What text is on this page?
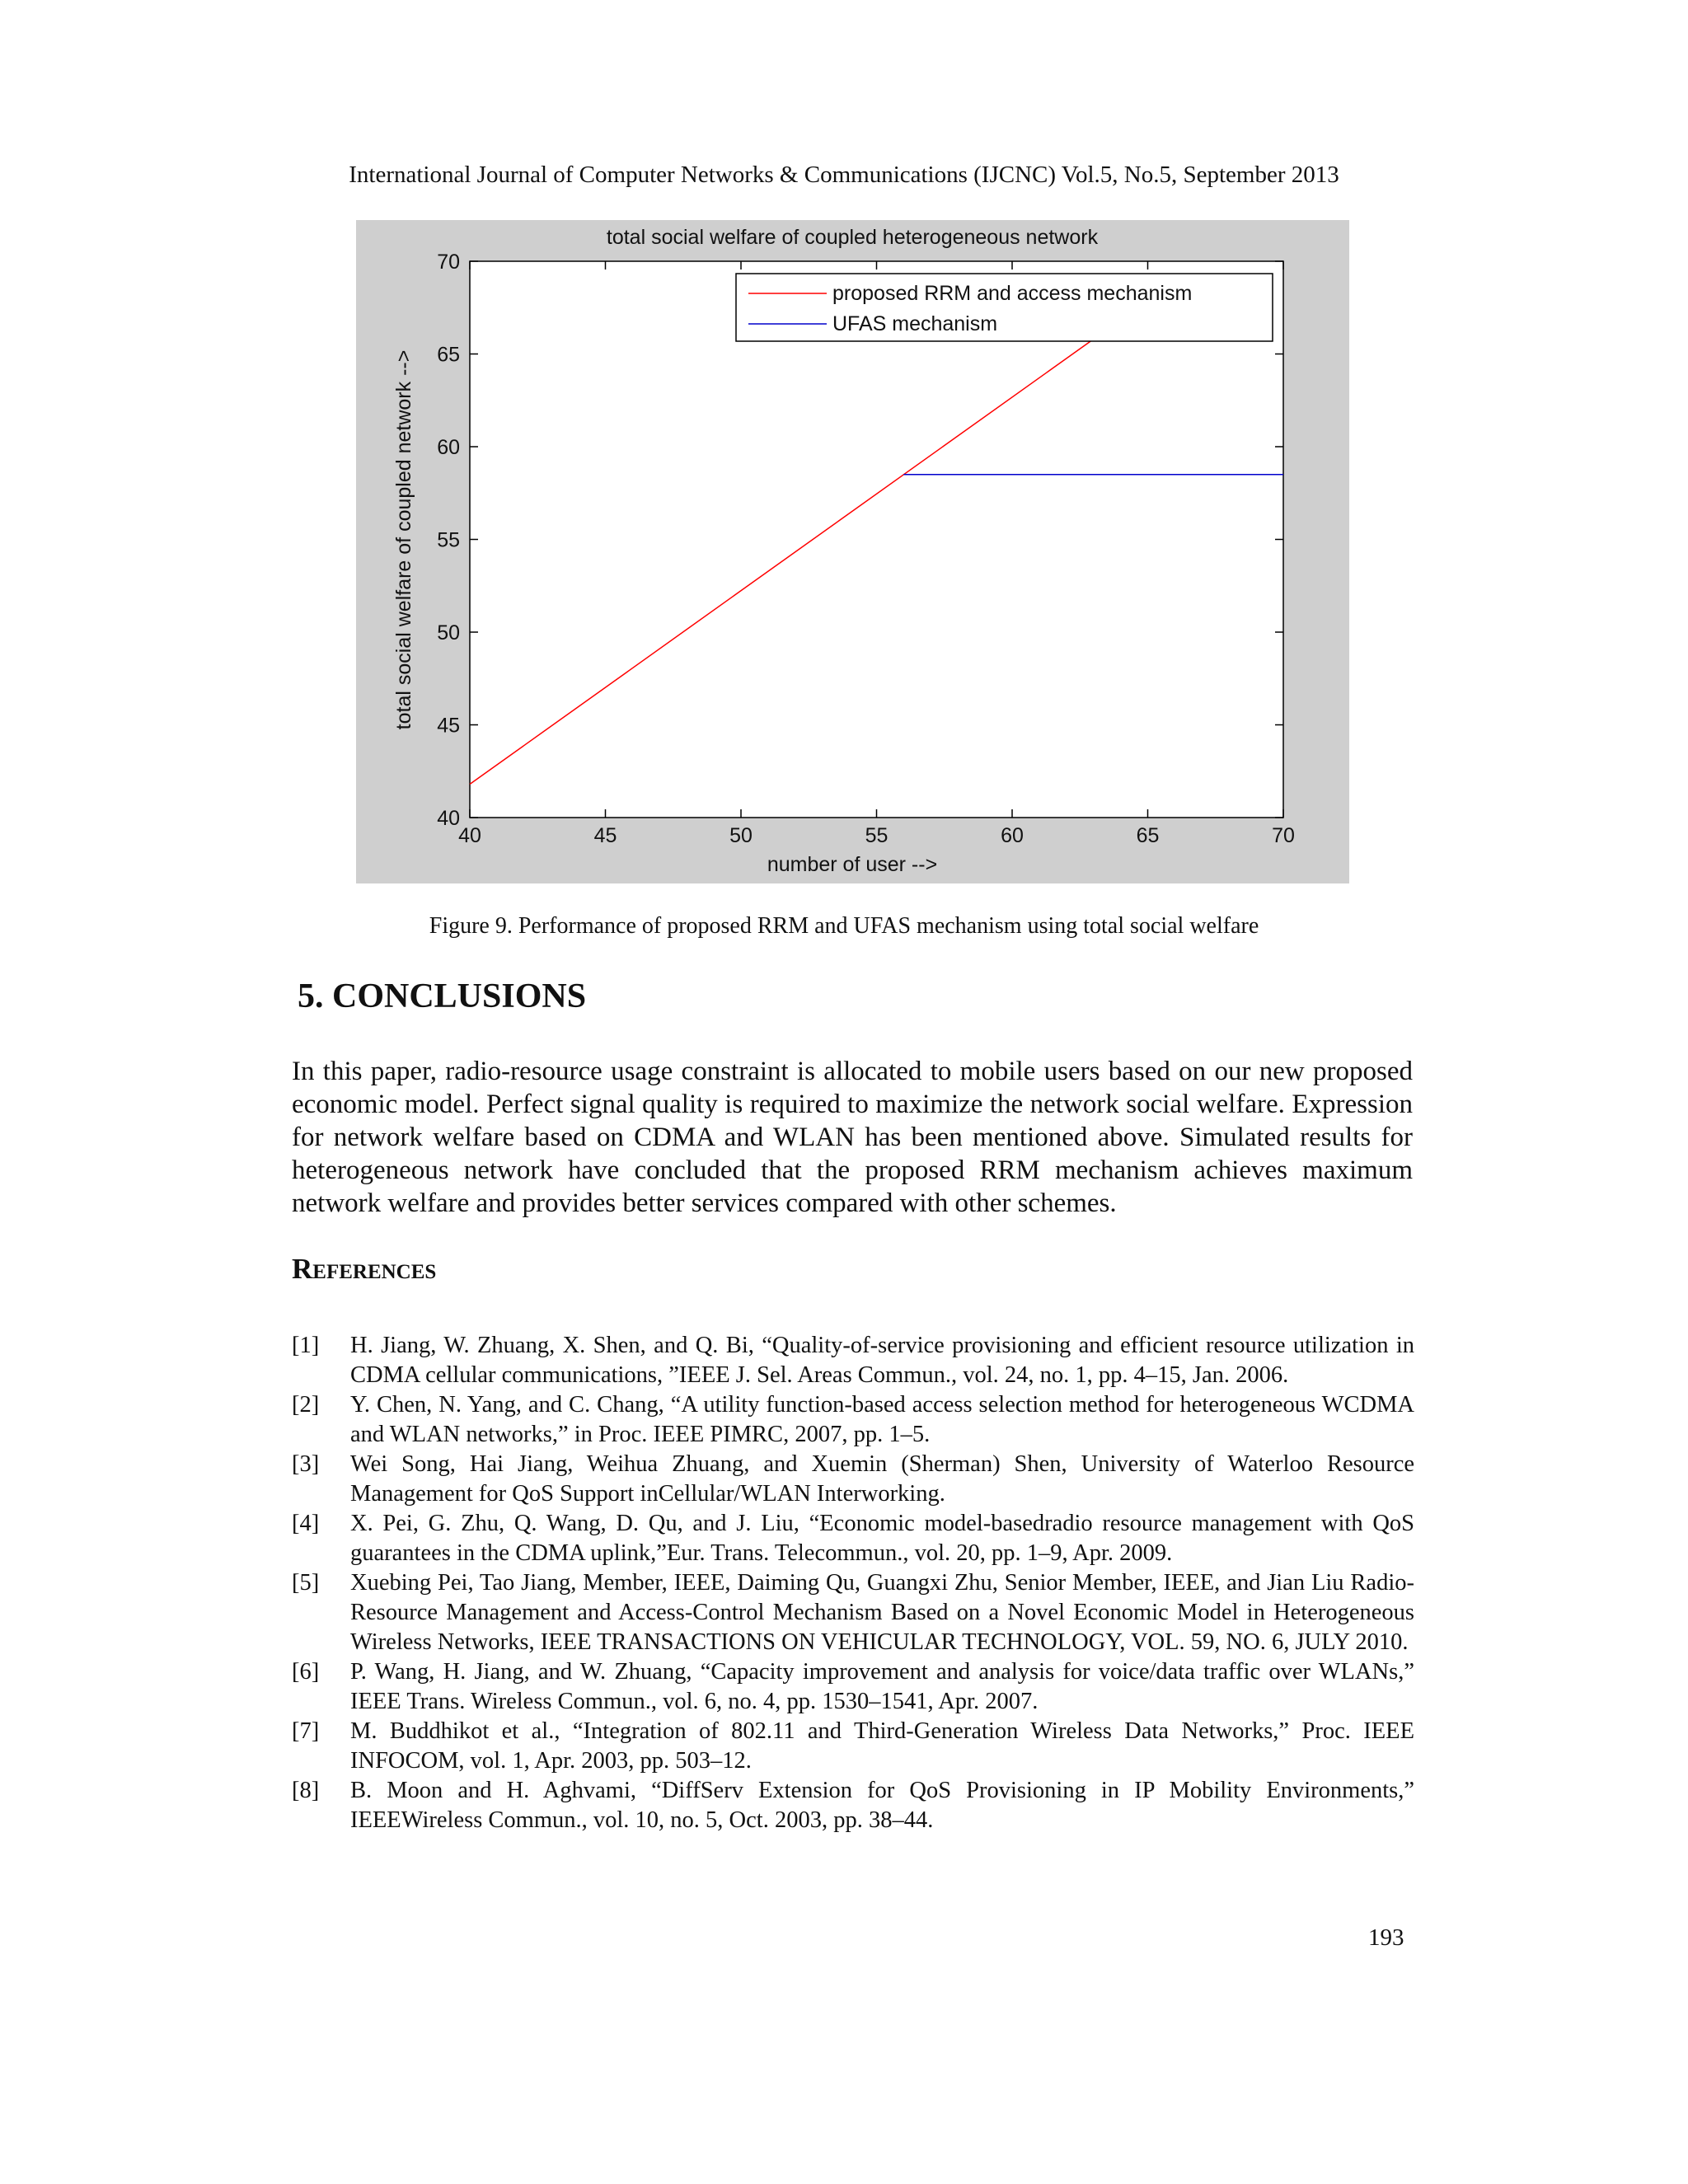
International Journal of Computer Networks & Communications (IJCNC) Vol.5, No.5, September 2013
total social welfare of coupled heterogeneous network
40	45	50	55	60	65	70
40
45
50
55
60
65
70
proposed RRM and access mechanism
UFAS mechanism
number of user -->
total social welfare of coupled network -->
Figure 9. Performance of proposed RRM and UFAS mechanism using total social welfare
5. CONCLUSIONS
In this paper, radio-resource usage constraint is allocated to mobile users based on our new proposed economic model. Perfect signal quality is required to maximize the network social welfare. Expression for network welfare based on CDMA and WLAN has been mentioned above. Simulated results for heterogeneous network have concluded that the proposed RRM mechanism achieves maximum network welfare and provides better services compared with other schemes.
References
[1]	H. Jiang, W. Zhuang, X. Shen, and Q. Bi, “Quality-of-service provisioning and efficient resource utilization in CDMA cellular communications, ”IEEE J. Sel. Areas Commun., vol. 24, no. 1, pp. 4–15, Jan. 2006.
[2]	Y. Chen, N. Yang, and C. Chang, “A utility function-based access selection method for heterogeneous WCDMA and WLAN networks,” in Proc. IEEE PIMRC, 2007, pp. 1–5.
[3]	Wei Song, Hai Jiang, Weihua Zhuang, and Xuemin (Sherman) Shen, University of Waterloo Resource Management for QoS Support inCellular/WLAN Interworking.
[4]	X. Pei, G. Zhu, Q. Wang, D. Qu, and J. Liu, “Economic model-basedradio resource management with QoS guarantees in the CDMA uplink,”Eur. Trans. Telecommun., vol. 20, pp. 1–9, Apr. 2009.
[5]	Xuebing Pei, Tao Jiang, Member, IEEE, Daiming Qu, Guangxi Zhu, Senior Member, IEEE, and Jian Liu Radio-Resource Management and Access-Control Mechanism Based on a Novel Economic Model in Heterogeneous Wireless Networks, IEEE TRANSACTIONS ON VEHICULAR TECHNOLOGY, VOL. 59, NO. 6, JULY 2010.
[6]	P. Wang, H. Jiang, and W. Zhuang, “Capacity improvement and analysis for voice/data traffic over WLANs,” IEEE Trans. Wireless Commun., vol. 6, no. 4, pp. 1530–1541, Apr. 2007.
[7]	M. Buddhikot et al., “Integration of 802.11 and Third-Generation Wireless Data Networks,” Proc. IEEE INFOCOM, vol. 1, Apr. 2003, pp. 503–12.
[8]	B. Moon and H. Aghvami, “DiffServ Extension for QoS Provisioning in IP Mobility Environments,” IEEEWireless Commun., vol. 10, no. 5, Oct. 2003, pp. 38–44.
193
